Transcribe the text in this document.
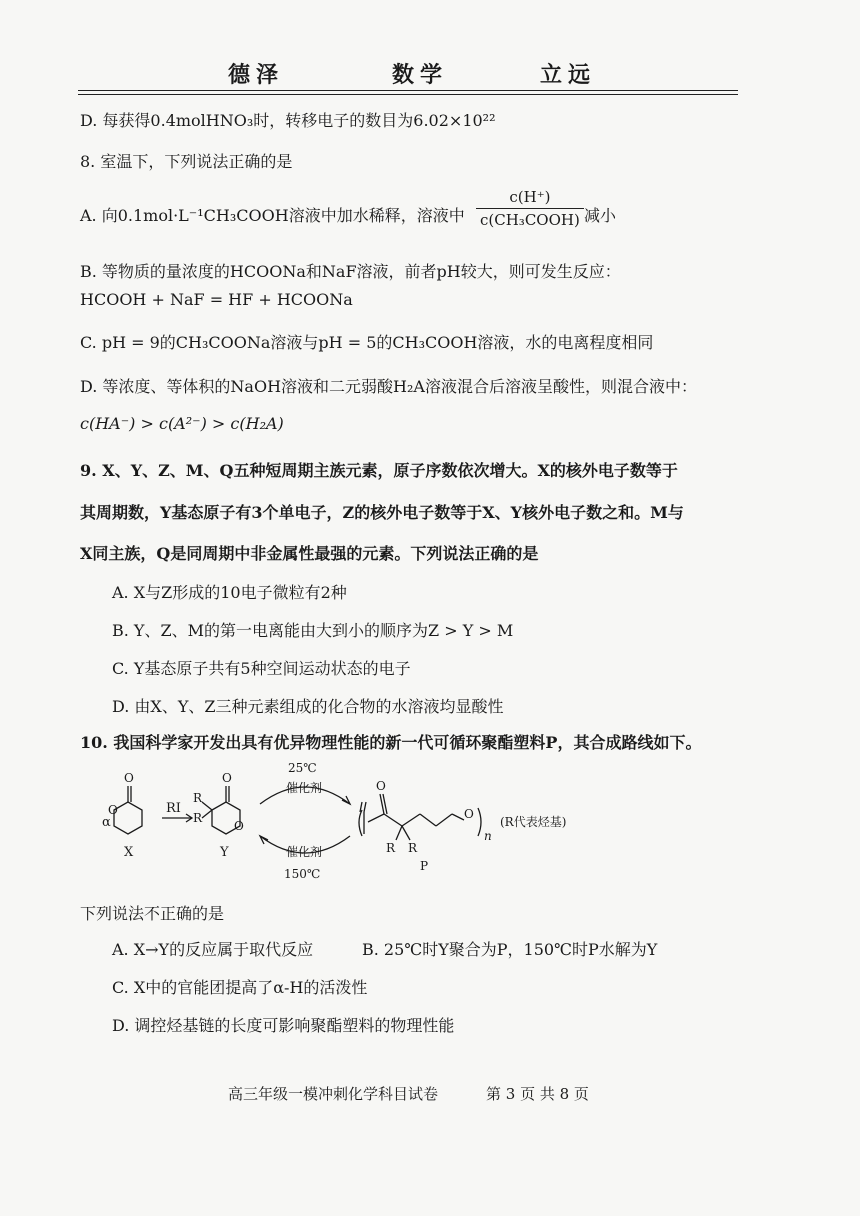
德泽	数学	立远
D. 每获得0.4molHNO₃时，转移电子的数目为6.02×10²²
8. 室温下，下列说法正确的是
A. 向0.1mol·L⁻¹CH₃COOH溶液中加水稀释，溶液中
c(H⁺)
c(CH₃COOH) 减小
B. 等物质的量浓度的HCOONa和NaF溶液，前者pH较大，则可发生反应：
HCOOH + NaF = HF + HCOONa
C. pH = 9的CH₃COONa溶液与pH = 5的CH₃COOH溶液，水的电离程度相同
D. 等浓度、等体积的NaOH溶液和二元弱酸H₂A溶液混合后溶液呈酸性，则混合液中：
c(HA⁻) > c(A²⁻) > c(H₂A)
9. X、Y、Z、M、Q五种短周期主族元素，原子序数依次增大。X的核外电子数等于
其周期数，Y基态原子有3个单电子，Z的核外电子数等于X、Y核外电子数之和。M与
X同主族，Q是同周期中非金属性最强的元素。下列说法正确的是
A. X与Z形成的10电子微粒有2种
B. Y、Z、M的第一电离能由大到小的顺序为Z > Y > M
C. Y基态原子共有5种空间运动状态的电子
D. 由X、Y、Z三种元素组成的化合物的水溶液均显酸性
10. 我国科学家开发出具有优异物理性能的新一代可循环聚酯塑料P，其合成路线如下。
α
O
O
X
RI
O
O
R
R
Y
25℃
催化剂
催化剂
150℃
O
O
R R
P
n
(R代表烃基)
下列说法不正确的是
A. X→Y的反应属于取代反应	B. 25℃时Y聚合为P，150℃时P水解为Y
C. X中的官能团提高了α-H的活泼性
D. 调控烃基链的长度可影响聚酯塑料的物理性能
高三年级一模冲刺化学科目试卷	第 3 页 共 8 页
